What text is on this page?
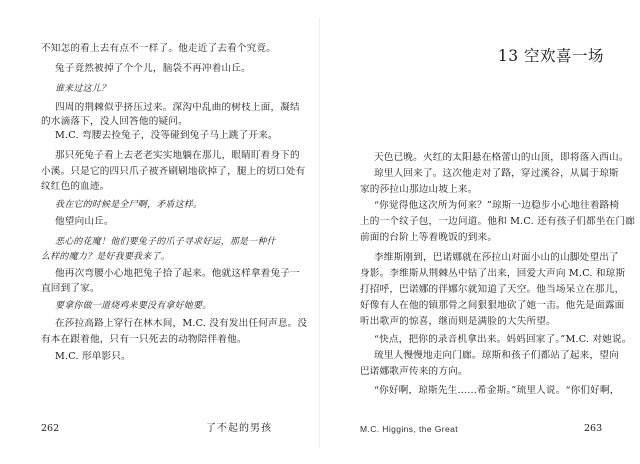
不知怎的看上去有点不一样了。他走近了去看个究竟。
兔子竟然被掉了个个儿，脑袋不再冲着山丘。
谁来过这儿？
四周的荆棘似乎挤压过来。深沟中乱曲的树枝上面，凝结
的水滴落下，没人回答他的疑问。
M.C. 弯腰去捡兔子，没等碰到兔子马上跳了开来。
那只死兔子看上去老老实实地躺在那儿，眼睛盯着身下的
小溪。只是它的四只爪子被齐刷刷地砍掉了，腿上的切口处有
纹红色的血迹。
我在它的时候是全尸啊，矛盾这样。
他望向山丘。
恶心的花魔！他们要兔子的爪子寻求好运，那是一种什
么样的魔力？是好我要我来了。
他再次弯腰小心地把兔子拾了起来。他就这样拿着兔子一
直回到了家。
要拿你做一道烧鸡来要没有拿好她要。
在莎拉高路上穿行在林木间，M.C. 没有发出任何声息。没
有本在跟着他，只有一只死去的动物陪伴着他。
M.C. 形单影只。
262	了不起的男孩
13 空欢喜一场
天色已晚。火红的太阳悬在格蕾山的山顶，即将落入西山。
琼里人回来了。这次他走对了路，穿过溪谷，从属于琼斯
家的莎拉山那边山坡上来。
“你觉得他这次所为何来？”琼斯一边稳步小心地往着路椅
上的一个纹子包，一边问道。他和 M.C. 还有孩子们都坐在门廊
前面的台阶上等着晚饭的到来。
李维斯刚到，巴诺娜就在莎拉山对面小山的山脚处望出了
身影。李维斯从荆棘丛中钻了出来，回爱大声向 M.C. 和琼斯
打招呼，巴诺娜的伴娜尔就知道了天空。他当场呆立在那儿，
好像有人在他的镇那骨之间狠狠地砍了她一击。他先是面露面
听出歌声的惊喜，继而则是满脸的大失所望。
“快点，把你的录音机拿出来。妈妈回家了。”M.C. 对她说。
琉里人慢慢地走向门廊。琼斯和孩子们都站了起来，望向
巴诺娜歌声传来的方向。
“你好啊，琼斯先生……希金斯。”琉里人说。“你们好啊，
M.C. Higgins, the Great	263
